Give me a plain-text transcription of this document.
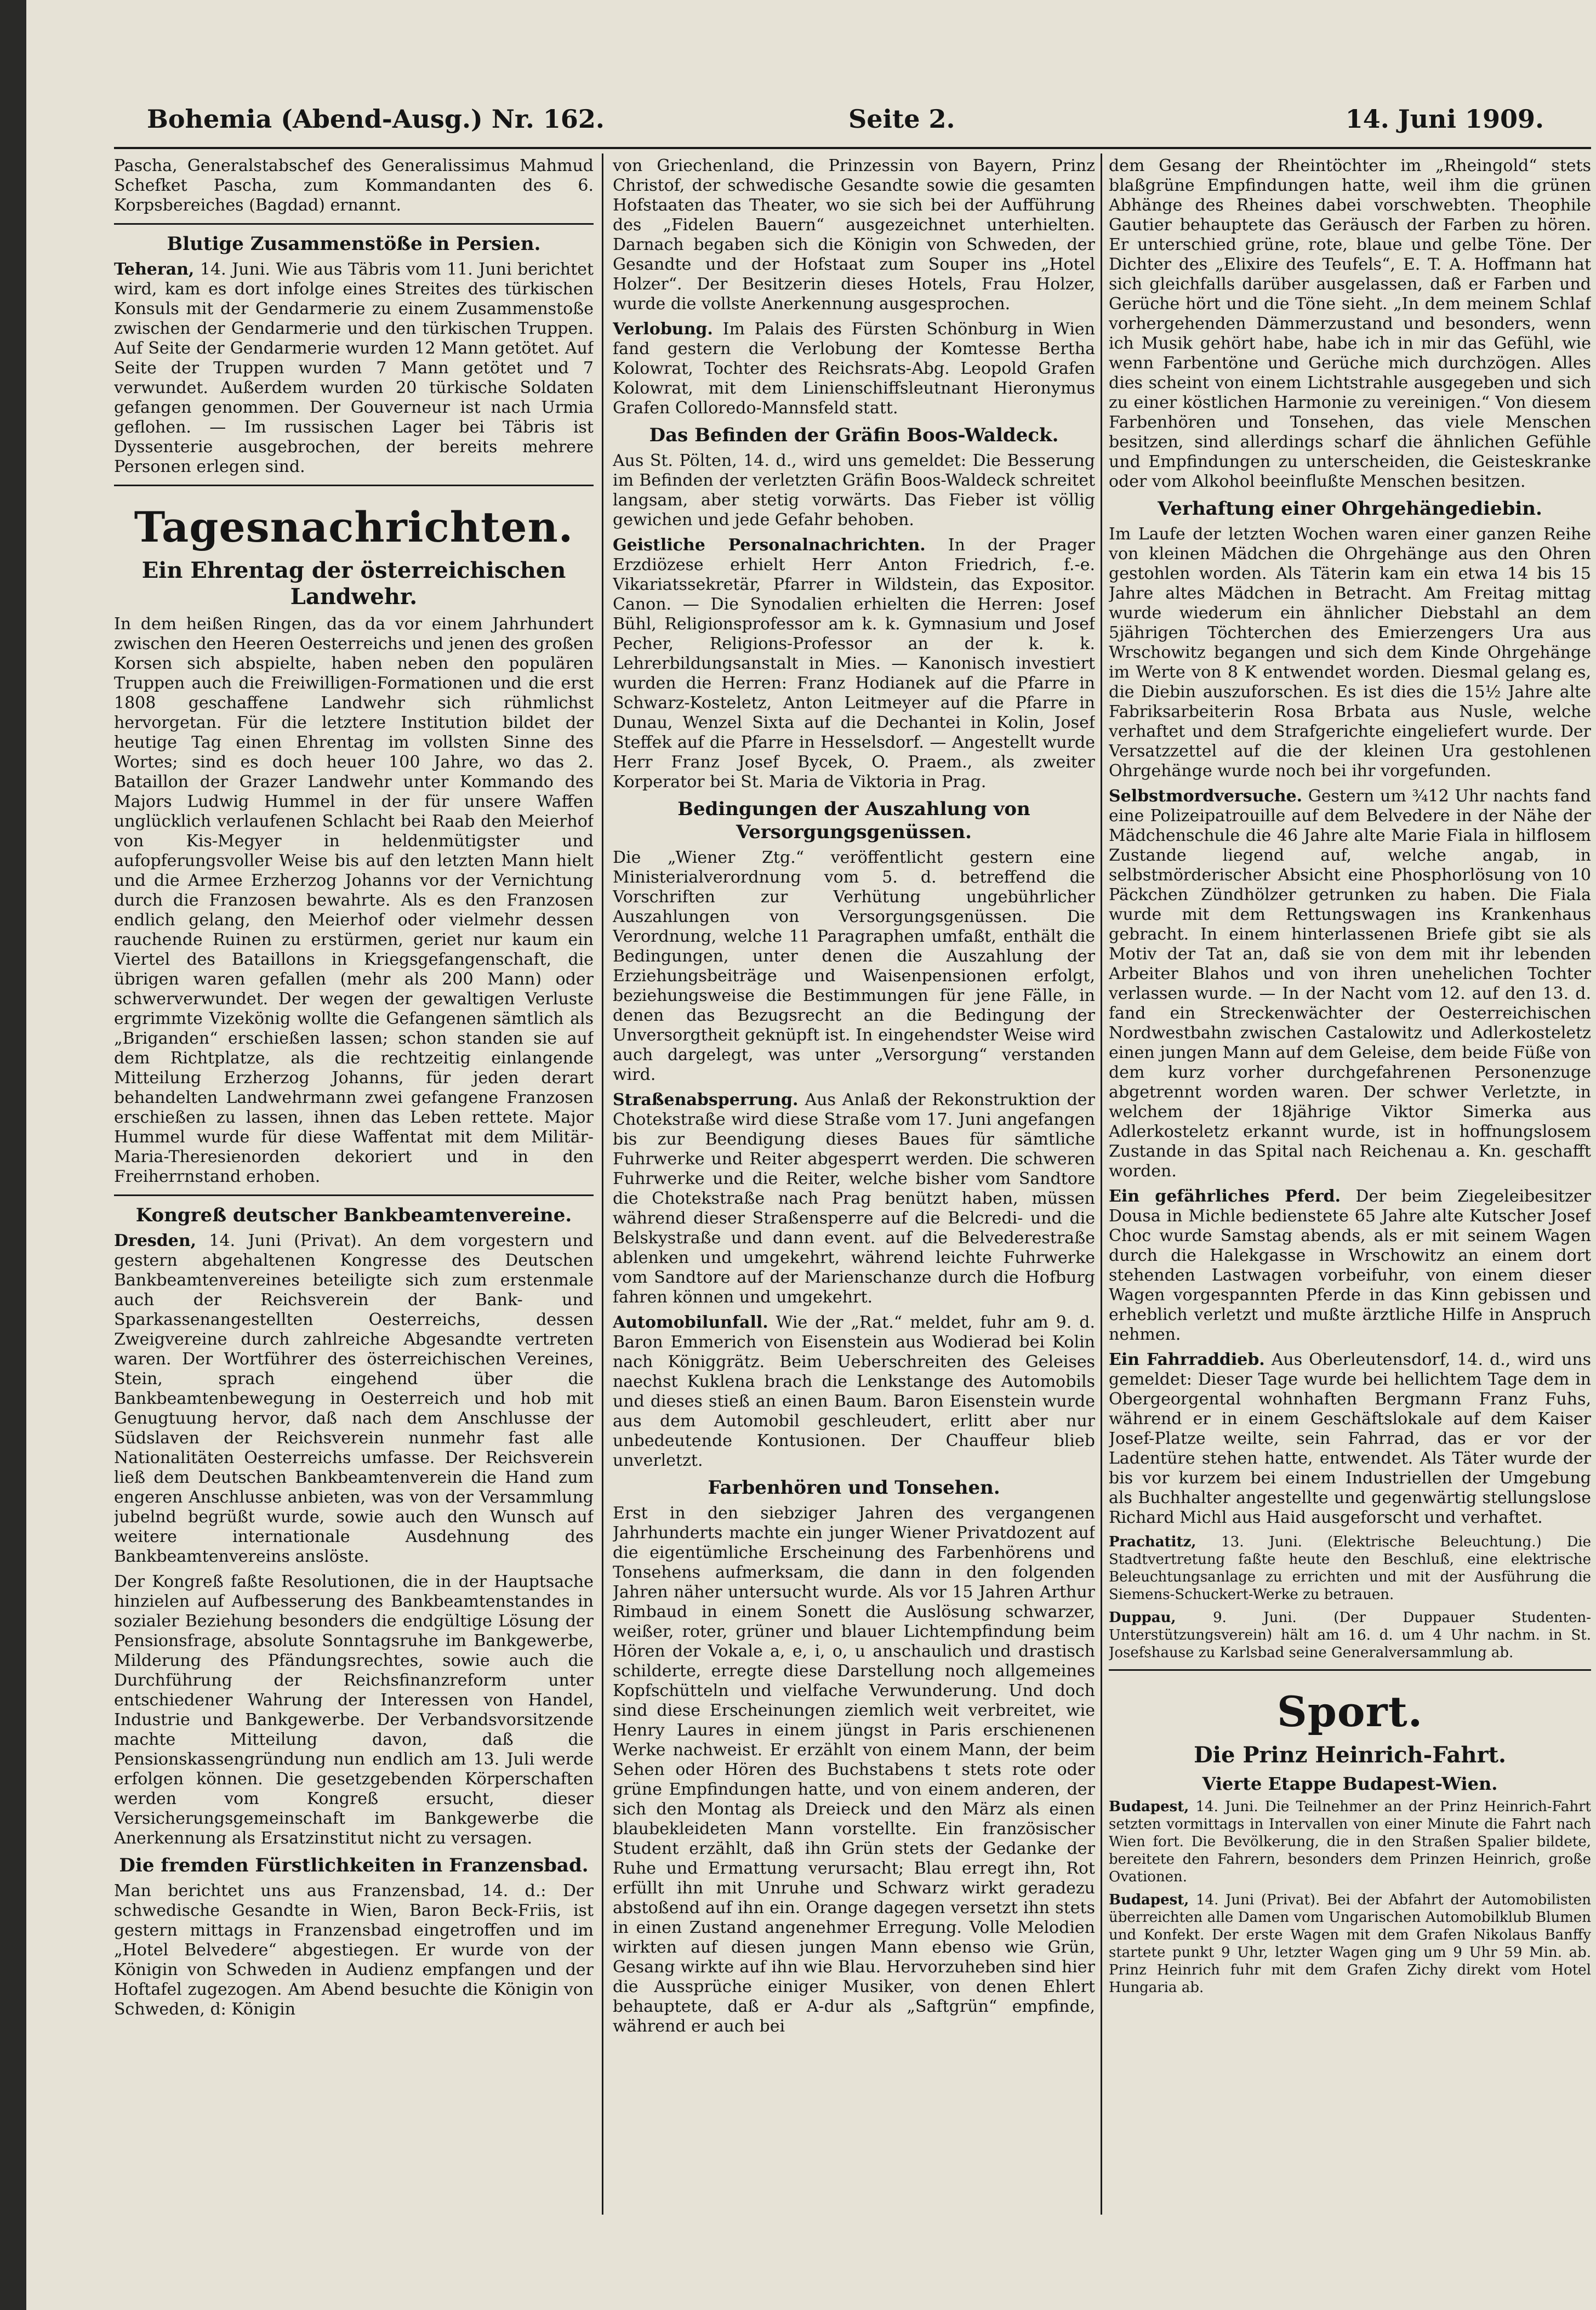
Bohemia (Abend-Ausg.) Nr. 162.	Seite 2.	14. Juni 1909.

Pascha, Generalstabschef des Generalissimus Mahmud Schefket Pascha, zum Kommandanten des 6. Korpsbereiches (Bagdad) ernannt.

Blutige Zusammenstöße in Persien.

Teheran, 14. Juni. Wie aus Täbris vom 11. Juni berichtet wird, kam es dort infolge eines Streites des türkischen Konsuls mit der Gendarmerie zu einem Zusammenstoße zwischen der Gendarmerie und den türkischen Truppen. Auf Seite der Gendarmerie wurden 12 Mann getötet. Auf Seite der Truppen wurden 7 Mann getötet und 7 verwundet. Außerdem wurden 20 türkische Soldaten gefangen genommen. Der Gouverneur ist nach Urmia geflohen. — Im russischen Lager bei Täbris ist Dyssenterie ausgebrochen, der bereits mehrere Personen erlegen sind.

Tagesnachrichten.
Ein Ehrentag der österreichischen Landwehr.

In dem heißen Ringen, das da vor einem Jahrhundert zwischen den Heeren Oesterreichs und jenen des großen Korsen sich abspielte, haben neben den populären Truppen auch die Freiwilligen-Formationen und die erst 1808 geschaffene Landwehr sich rühmlichst hervorgetan. Für die letztere Institution bildet der heutige Tag einen Ehrentag im vollsten Sinne des Wortes; sind es doch heuer 100 Jahre, wo das 2. Bataillon der Grazer Landwehr unter Kommando des Majors Ludwig Hummel in der für unsere Waffen unglücklich verlaufenen Schlacht bei Raab den Meierhof von Kis-Megyer in heldenmütigster und aufopferungsvoller Weise bis auf den letzten Mann hielt und die Armee Erzherzog Johanns vor der Vernichtung durch die Franzosen bewahrte. Als es den Franzosen endlich gelang, den Meierhof oder vielmehr dessen rauchende Ruinen zu erstürmen, geriet nur kaum ein Viertel des Bataillons in Kriegsgefangenschaft, die übrigen waren gefallen (mehr als 200 Mann) oder schwerverwundet. Der wegen der gewaltigen Verluste ergrimmte Vizekönig wollte die Gefangenen sämtlich als „Briganden“ erschießen lassen; schon standen sie auf dem Richtplatze, als die rechtzeitig einlangende Mitteilung Erzherzog Johanns, für jeden derart behandelten Landwehrmann zwei gefangene Franzosen erschießen zu lassen, ihnen das Leben rettete. Major Hummel wurde für diese Waffentat mit dem Militär-Maria-Theresienorden dekoriert und in den Freiherrnstand erhoben.

Kongreß deutscher Bankbeamtenvereine.

Dresden, 14. Juni (Privat). An dem vorgestern und gestern abgehaltenen Kongresse des Deutschen Bankbeamtenvereines beteiligte sich zum erstenmale auch der Reichsverein der Bank- und Sparkassenangestellten Oesterreichs, dessen Zweigvereine durch zahlreiche Abgesandte vertreten waren. Der Wortführer des österreichischen Vereines, Stein, sprach eingehend über die Bankbeamtenbewegung in Oesterreich und hob mit Genugtuung hervor, daß nach dem Anschlusse der Südslaven der Reichsverein nunmehr fast alle Nationalitäten Oesterreichs umfasse. Der Reichsverein ließ dem Deutschen Bankbeamtenverein die Hand zum engeren Anschlusse anbieten, was von der Versammlung jubelnd begrüßt wurde, sowie auch den Wunsch auf weitere internationale Ausdehnung des Bankbeamtenvereins anslöste.

Der Kongreß faßte Resolutionen, die in der Hauptsache hinzielen auf Aufbesserung des Bankbeamtenstandes in sozialer Beziehung besonders die endgültige Lösung der Pensionsfrage, absolute Sonntagsruhe im Bankgewerbe, Milderung des Pfändungsrechtes, sowie auch die Durchführung der Reichsfinanzreform unter entschiedener Wahrung der Interessen von Handel, Industrie und Bankgewerbe. Der Verbandsvorsitzende machte Mitteilung davon, daß die Pensionskassengründung nun endlich am 13. Juli werde erfolgen können. Die gesetzgebenden Körperschaften werden vom Kongreß ersucht, dieser Versicherungsgemeinschaft im Bankgewerbe die Anerkennung als Ersatzinstitut nicht zu versagen.

Die fremden Fürstlichkeiten in Franzensbad.

Man berichtet uns aus Franzensbad, 14. d.: Der schwedische Gesandte in Wien, Baron Beck-Friis, ist gestern mittags in Franzensbad eingetroffen und im „Hotel Belvedere“ abgestiegen. Er wurde von der Königin von Schweden in Audienz empfangen und der Hoftafel zugezogen. Am Abend besuchte die Königin von Schweden, d: Königin

von Griechenland, die Prinzessin von Bayern, Prinz Christof, der schwedische Gesandte sowie die gesamten Hofstaaten das Theater, wo sie sich bei der Aufführung des „Fidelen Bauern“ ausgezeichnet unterhielten. Darnach begaben sich die Königin von Schweden, der Gesandte und der Hofstaat zum Souper ins „Hotel Holzer“. Der Besitzerin dieses Hotels, Frau Holzer, wurde die vollste Anerkennung ausgesprochen.

Verlobung. Im Palais des Fürsten Schönburg in Wien fand gestern die Verlobung der Komtesse Bertha Kolowrat, Tochter des Reichsrats-Abg. Leopold Grafen Kolowrat, mit dem Linienschiffsleutnant Hieronymus Grafen Colloredo-Mannsfeld statt.

Das Befinden der Gräfin Boos-Waldeck.

Aus St. Pölten, 14. d., wird uns gemeldet: Die Besserung im Befinden der verletzten Gräfin Boos-Waldeck schreitet langsam, aber stetig vorwärts. Das Fieber ist völlig gewichen und jede Gefahr behoben.

Geistliche Personalnachrichten. In der Prager Erzdiözese erhielt Herr Anton Friedrich, f.-e. Vikariatssekretär, Pfarrer in Wildstein, das Expositor. Canon. — Die Synodalien erhielten die Herren: Josef Bühl, Religionsprofessor am k. k. Gymnasium und Josef Pecher, Religions-Professor an der k. k. Lehrerbildungsanstalt in Mies. — Kanonisch investiert wurden die Herren: Franz Hodianek auf die Pfarre in Schwarz-Kosteletz, Anton Leitmeyer auf die Pfarre in Dunau, Wenzel Sixta auf die Dechantei in Kolin, Josef Steffek auf die Pfarre in Hesselsdorf. — Angestellt wurde Herr Franz Josef Bycek, O. Praem., als zweiter Korperator bei St. Maria de Viktoria in Prag.

Bedingungen der Auszahlung von Versorgungsgenüssen.

Die „Wiener Ztg.“ veröffentlicht gestern eine Ministerialverordnung vom 5. d. betreffend die Vorschriften zur Verhütung ungebührlicher Auszahlungen von Versorgungsgenüssen. Die Verordnung, welche 11 Paragraphen umfaßt, enthält die Bedingungen, unter denen die Auszahlung der Erziehungsbeiträge und Waisenpensionen erfolgt, beziehungsweise die Bestimmungen für jene Fälle, in denen das Bezugsrecht an die Bedingung der Unversorgtheit geknüpft ist. In eingehendster Weise wird auch dargelegt, was unter „Versorgung“ verstanden wird.

Straßenabsperrung. Aus Anlaß der Rekonstruktion der Chotekstraße wird diese Straße vom 17. Juni angefangen bis zur Beendigung dieses Baues für sämtliche Fuhrwerke und Reiter abgesperrt werden. Die schweren Fuhrwerke und die Reiter, welche bisher vom Sandtore die Chotekstraße nach Prag benützt haben, müssen während dieser Straßensperre auf die Belcredi- und die Belskystraße und dann event. auf die Belvederestraße ablenken und umgekehrt, während leichte Fuhrwerke vom Sandtore auf der Marienschanze durch die Hofburg fahren können und umgekehrt.

Automobilunfall. Wie der „Rat.“ meldet, fuhr am 9. d. Baron Emmerich von Eisenstein aus Wodierad bei Kolin nach Königgrätz. Beim Ueberschreiten des Geleises naechst Kuklena brach die Lenkstange des Automobils und dieses stieß an einen Baum. Baron Eisenstein wurde aus dem Automobil geschleudert, erlitt aber nur unbedeutende Kontusionen. Der Chauffeur blieb unverletzt.

Farbenhören und Tonsehen.

Erst in den siebziger Jahren des vergangenen Jahrhunderts machte ein junger Wiener Privatdozent auf die eigentümliche Erscheinung des Farbenhörens und Tonsehens aufmerksam, die dann in den folgenden Jahren näher untersucht wurde. Als vor 15 Jahren Arthur Rimbaud in einem Sonett die Auslösung schwarzer, weißer, roter, grüner und blauer Lichtempfindung beim Hören der Vokale a, e, i, o, u anschaulich und drastisch schilderte, erregte diese Darstellung noch allgemeines Kopfschütteln und vielfache Verwunderung. Und doch sind diese Erscheinungen ziemlich weit verbreitet, wie Henry Laures in einem jüngst in Paris erschienenen Werke nachweist. Er erzählt von einem Mann, der beim Sehen oder Hören des Buchstabens t stets rote oder grüne Empfindungen hatte, und von einem anderen, der sich den Montag als Dreieck und den März als einen blaubekleideten Mann vorstellte. Ein französischer Student erzählt, daß ihn Grün stets der Gedanke der Ruhe und Ermattung verursacht; Blau erregt ihn, Rot erfüllt ihn mit Unruhe und Schwarz wirkt geradezu abstoßend auf ihn ein. Orange dagegen versetzt ihn stets in einen Zustand angenehmer Erregung. Volle Melodien wirkten auf diesen jungen Mann ebenso wie Grün, Gesang wirkte auf ihn wie Blau. Hervorzuheben sind hier die Aussprüche einiger Musiker, von denen Ehlert behauptete, daß er A-dur als „Saftgrün“ empfinde, während er auch bei

dem Gesang der Rheintöchter im „Rheingold“ stets blaßgrüne Empfindungen hatte, weil ihm die grünen Abhänge des Rheines dabei vorschwebten. Theophile Gautier behauptete das Geräusch der Farben zu hören. Er unterschied grüne, rote, blaue und gelbe Töne. Der Dichter des „Elixire des Teufels“, E. T. A. Hoffmann hat sich gleichfalls darüber ausgelassen, daß er Farben und Gerüche hört und die Töne sieht. „In dem meinem Schlaf vorhergehenden Dämmerzustand und besonders, wenn ich Musik gehört habe, habe ich in mir das Gefühl, wie wenn Farbentöne und Gerüche mich durchzögen. Alles dies scheint von einem Lichtstrahle ausgegeben und sich zu einer köstlichen Harmonie zu vereinigen.“ Von diesem Farbenhören und Tonsehen, das viele Menschen besitzen, sind allerdings scharf die ähnlichen Gefühle und Empfindungen zu unterscheiden, die Geisteskranke oder vom Alkohol beeinflußte Menschen besitzen.

Verhaftung einer Ohrgehängediebin.

Im Laufe der letzten Wochen waren einer ganzen Reihe von kleinen Mädchen die Ohrgehänge aus den Ohren gestohlen worden. Als Täterin kam ein etwa 14 bis 15 Jahre altes Mädchen in Betracht. Am Freitag mittag wurde wiederum ein ähnlicher Diebstahl an dem 5jährigen Töchterchen des Emierzengers Ura aus Wrschowitz begangen und sich dem Kinde Ohrgehänge im Werte von 8 K entwendet worden. Diesmal gelang es, die Diebin auszuforschen. Es ist dies die 15½ Jahre alte Fabriksarbeiterin Rosa Brbata aus Nusle, welche verhaftet und dem Strafgerichte eingeliefert wurde. Der Versatzzettel auf die der kleinen Ura gestohlenen Ohrgehänge wurde noch bei ihr vorgefunden.

Selbstmordversuche. Gestern um ¾12 Uhr nachts fand eine Polizeipatrouille auf dem Belvedere in der Nähe der Mädchenschule die 46 Jahre alte Marie Fiala in hilflosem Zustande liegend auf, welche angab, in selbstmörderischer Absicht eine Phosphorlösung von 10 Päckchen Zündhölzer getrunken zu haben. Die Fiala wurde mit dem Rettungswagen ins Krankenhaus gebracht. In einem hinterlassenen Briefe gibt sie als Motiv der Tat an, daß sie von dem mit ihr lebenden Arbeiter Blahos und von ihren unehelichen Tochter verlassen wurde. — In der Nacht vom 12. auf den 13. d. fand ein Streckenwächter der Oesterreichischen Nordwestbahn zwischen Castalowitz und Adlerkosteletz einen jungen Mann auf dem Geleise, dem beide Füße von dem kurz vorher durchgefahrenen Personenzuge abgetrennt worden waren. Der schwer Verletzte, in welchem der 18jährige Viktor Simerka aus Adlerkosteletz erkannt wurde, ist in hoffnungslosem Zustande in das Spital nach Reichenau a. Kn. geschafft worden.

Ein gefährliches Pferd. Der beim Ziegeleibesitzer Dousa in Michle bedienstete 65 Jahre alte Kutscher Josef Choc wurde Samstag abends, als er mit seinem Wagen durch die Halekgasse in Wrschowitz an einem dort stehenden Lastwagen vorbeifuhr, von einem dieser Wagen vorgespannten Pferde in das Kinn gebissen und erheblich verletzt und mußte ärztliche Hilfe in Anspruch nehmen.

Ein Fahrraddieb. Aus Oberleutensdorf, 14. d., wird uns gemeldet: Dieser Tage wurde bei hellichtem Tage dem in Obergeorgental wohnhaften Bergmann Franz Fuhs, während er in einem Geschäftslokale auf dem Kaiser Josef-Platze weilte, sein Fahrrad, das er vor der Ladentüre stehen hatte, entwendet. Als Täter wurde der bis vor kurzem bei einem Industriellen der Umgebung als Buchhalter angestellte und gegenwärtig stellungslose Richard Michl aus Haid ausgeforscht und verhaftet.

Prachatitz, 13. Juni. (Elektrische Beleuchtung.) Die Stadtvertretung faßte heute den Beschluß, eine elektrische Beleuchtungsanlage zu errichten und mit der Ausführung die Siemens-Schuckert-Werke zu betrauen.

Duppau,	9. Juni. (Der Duppauer Studenten-Unterstützungsverein) hält am 16. d. um 4 Uhr nachm. in St. Josefshause zu Karlsbad seine Generalversammlung ab.

Sport.
Die Prinz Heinrich-Fahrt.
Vierte Etappe Budapest-Wien.

Budapest, 14. Juni. Die Teilnehmer an der Prinz Heinrich-Fahrt setzten vormittags in Intervallen von einer Minute die Fahrt nach Wien fort. Die Bevölkerung, die in den Straßen Spalier bildete, bereitete den Fahrern, besonders dem Prinzen Heinrich, große Ovationen.

Budapest, 14. Juni (Privat). Bei der Abfahrt der Automobilisten überreichten alle Damen vom Ungarischen Automobilklub Blumen und Konfekt. Der erste Wagen mit dem Grafen Nikolaus Banffy startete punkt 9 Uhr, letzter Wagen ging um 9 Uhr 59 Min. ab. Prinz Heinrich fuhr mit dem Grafen Zichy direkt vom Hotel Hungaria ab.
